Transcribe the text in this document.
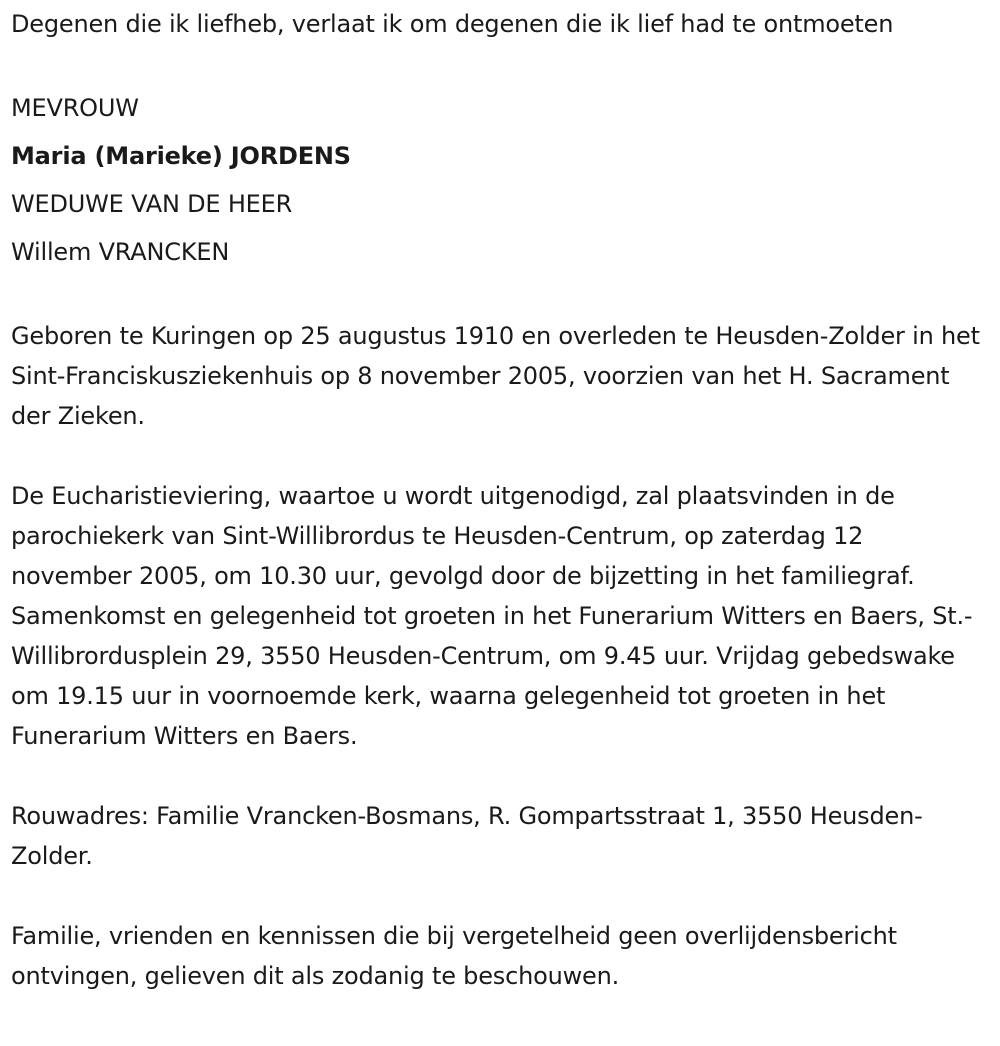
Degenen die ik liefheb, verlaat ik om degenen die ik lief had te ontmoeten

MEVROUW

Maria (Marieke) JORDENS

WEDUWE VAN DE HEER

Willem VRANCKEN

Geboren te Kuringen op 25 augustus 1910 en overleden te Heusden-Zolder in het Sint-Franciskusziekenhuis op 8 november 2005, voorzien van het H. Sacrament der Zieken.

De Eucharistieviering, waartoe u wordt uitgenodigd, zal plaatsvinden in de parochiekerk van Sint-Willibrordus te Heusden-Centrum, op zaterdag 12 november 2005, om 10.30 uur, gevolgd door de bijzetting in het familiegraf. Samenkomst en gelegenheid tot groeten in het Funerarium Witters en Baers, St.-Willibrordusplein 29, 3550 Heusden-Centrum, om 9.45 uur. Vrijdag gebedswake om 19.15 uur in voornoemde kerk, waarna gelegenheid tot groeten in het Funerarium Witters en Baers.

Rouwadres: Familie Vrancken-Bosmans, R. Gompartsstraat 1, 3550 Heusden-Zolder.

Familie, vrienden en kennissen die bij vergetelheid geen overlijdensbericht ontvingen, gelieven dit als zodanig te beschouwen.
